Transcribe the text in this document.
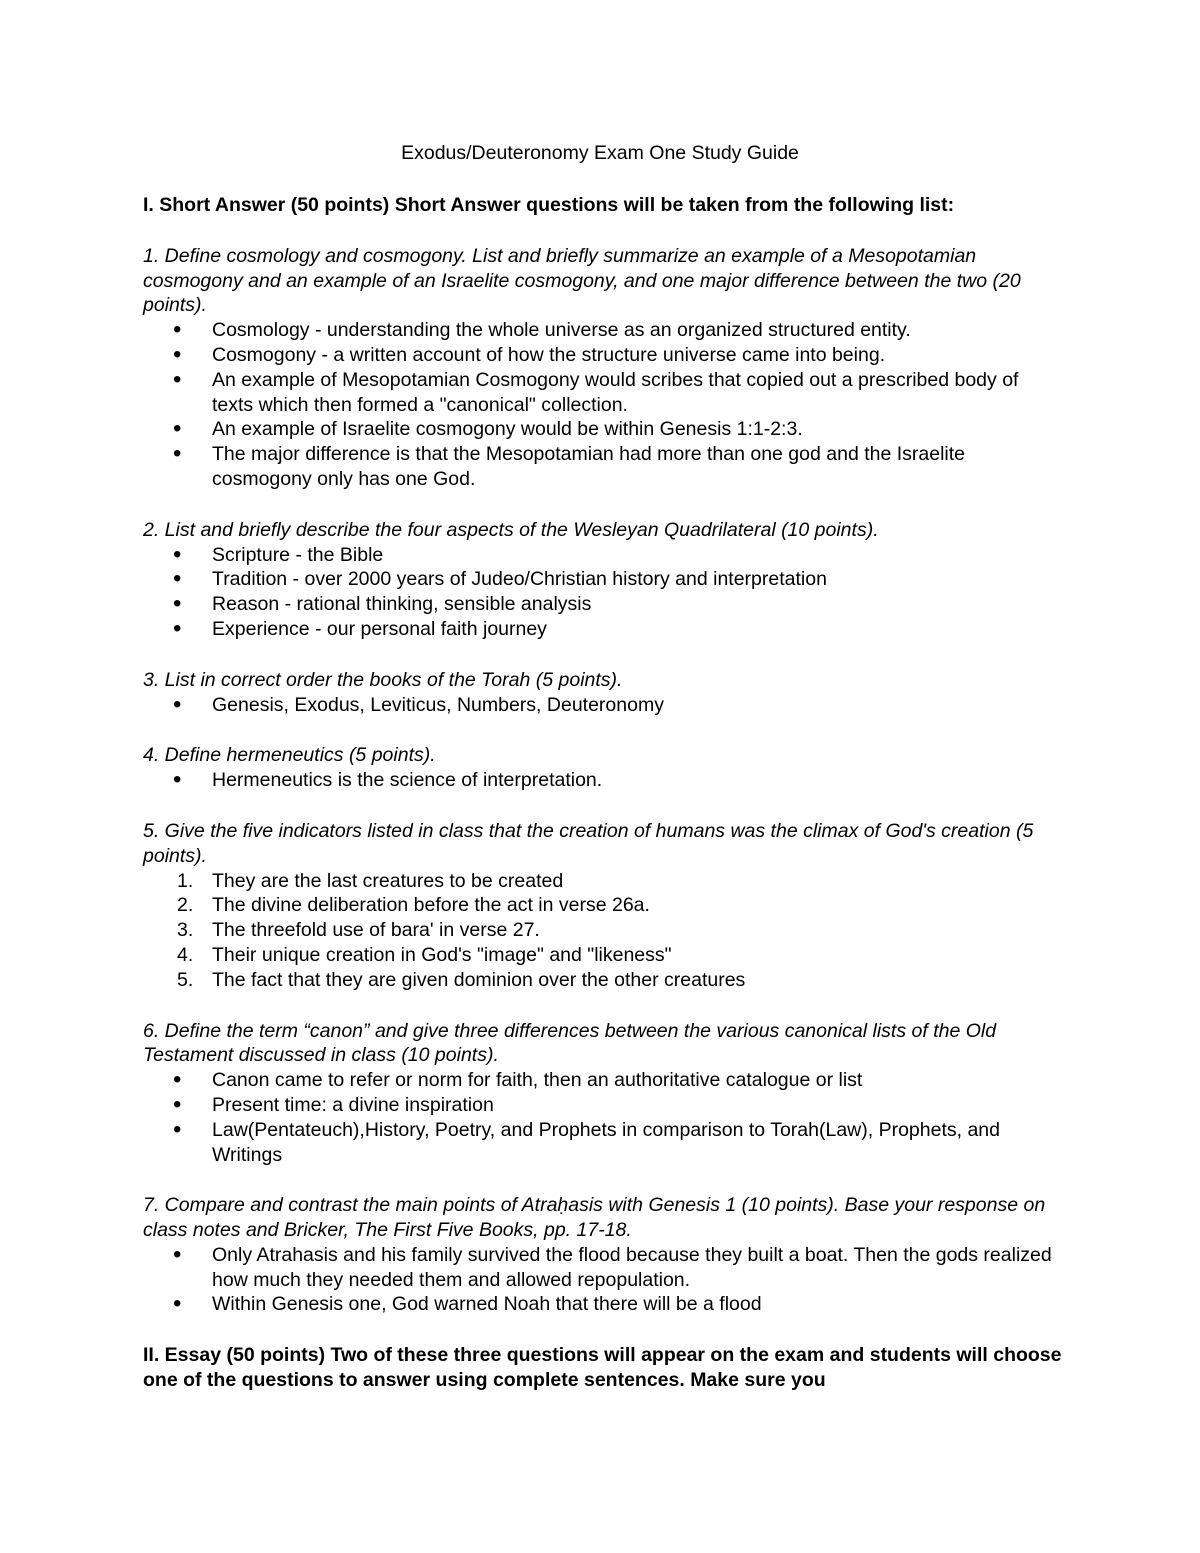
Exodus/Deuteronomy Exam One Study Guide

I. Short Answer (50 points) Short Answer questions will be taken from the following list:

1. Define cosmology and cosmogony. List and briefly summarize an example of a Mesopotamian cosmogony and an example of an Israelite cosmogony, and one major difference between the two (20 points).

• Cosmology - understanding the whole universe as an organized structured entity.
• Cosmogony - a written account of how the structure universe came into being.
• An example of Mesopotamian Cosmogony would scribes that copied out a prescribed body of texts which then formed a "canonical" collection.
• An example of Israelite cosmogony would be within Genesis 1:1-2:3.
• The major difference is that the Mesopotamian had more than one god and the Israelite cosmogony only has one God.

2. List and briefly describe the four aspects of the Wesleyan Quadrilateral (10 points).

• Scripture - the Bible
• Tradition - over 2000 years of Judeo/Christian history and interpretation
• Reason - rational thinking, sensible analysis
• Experience - our personal faith journey

3. List in correct order the books of the Torah (5 points).

• Genesis, Exodus, Leviticus, Numbers, Deuteronomy

4. Define hermeneutics (5 points).

• Hermeneutics is the science of interpretation.

5. Give the five indicators listed in class that the creation of humans was the climax of God's creation (5 points).

They are the last creatures to be created
The divine deliberation before the act in verse 26a.
The threefold use of bara' in verse 27.
Their unique creation in God's "image" and "likeness"
The fact that they are given dominion over the other creatures

6. Define the term “canon” and give three differences between the various canonical lists of the Old Testament discussed in class (10 points).

• Canon came to refer or norm for faith, then an authoritative catalogue or list
• Present time: a divine inspiration
• Law(Pentateuch),History, Poetry, and Prophets in comparison to Torah(Law), Prophets, and Writings

7. Compare and contrast the main points of Atraḥasis with Genesis 1 (10 points). Base your response on class notes and Bricker, The First Five Books, pp. 17-18.

• Only Atrahasis and his family survived the flood because they built a boat. Then the gods realized how much they needed them and allowed repopulation.
• Within Genesis one, God warned Noah that there will be a flood

II. Essay (50 points) Two of these three questions will appear on the exam and students will choose one of the questions to answer using complete sentences. Make sure you
